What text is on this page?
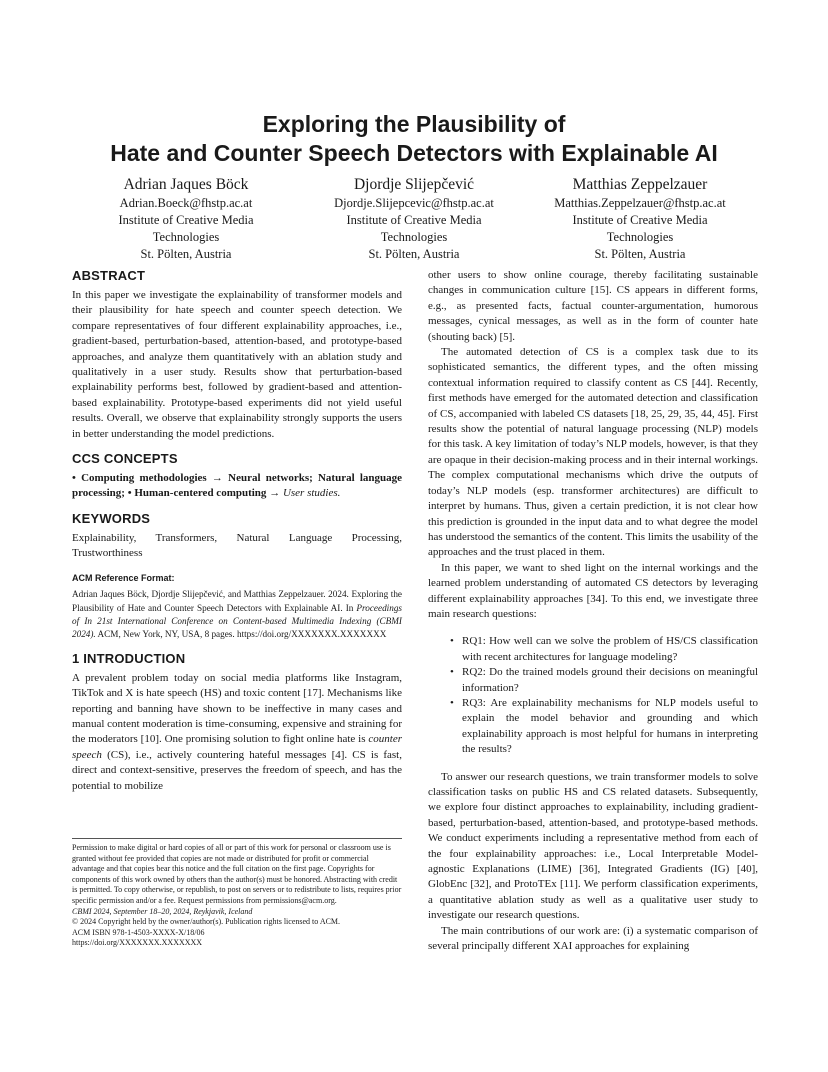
Exploring the Plausibility of
Hate and Counter Speech Detectors with Explainable AI
Adrian Jaques Böck
Adrian.Boeck@fhstp.ac.at
Institute of Creative Media
Technologies
St. Pölten, Austria
Djordje Slijepčević
Djordje.Slijepcevic@fhstp.ac.at
Institute of Creative Media
Technologies
St. Pölten, Austria
Matthias Zeppelzauer
Matthias.Zeppelzauer@fhstp.ac.at
Institute of Creative Media
Technologies
St. Pölten, Austria
ABSTRACT

In this paper we investigate the explainability of transformer models and their plausibility for hate speech and counter speech detection. We compare representatives of four different explainability approaches, i.e., gradient-based, perturbation-based, attention-based, and prototype-based approaches, and analyze them quantitatively with an ablation study and qualitatively in a user study. Results show that perturbation-based explainability performs best, followed by gradient-based and attention-based explainability. Prototype-based experiments did not yield useful results. Overall, we observe that explainability strongly supports the users in better understanding the model predictions.

CCS CONCEPTS

• Computing methodologies → Neural networks; Natural language processing; • Human-centered computing → User studies.

KEYWORDS

Explainability, Transformers, Natural Language Processing, Trustworthiness

ACM Reference Format:

Adrian Jaques Böck, Djordje Slijepčević, and Matthias Zeppelzauer. 2024. Exploring the Plausibility of Hate and Counter Speech Detectors with Explainable AI. In Proceedings of In 21st International Conference on Content-based Multimedia Indexing (CBMI 2024). ACM, New York, NY, USA, 8 pages. https://doi.org/XXXXXXX.XXXXXXX

1 INTRODUCTION

A prevalent problem today on social media platforms like Instagram, TikTok and X is hate speech (HS) and toxic content [17]. Mechanisms like reporting and banning have shown to be ineffective in many cases and manual content moderation is time-consuming, expensive and straining for the moderators [10]. One promising solution to fight online hate is counter speech (CS), i.e., actively countering hateful messages [4]. CS is fast, direct and context-sensitive, preserves the freedom of speech, and has the potential to mobilize

Permission to make digital or hard copies of all or part of this work for personal or classroom use is granted without fee provided that copies are not made or distributed for profit or commercial advantage and that copies bear this notice and the full citation on the first page. Copyrights for components of this work owned by others than the author(s) must be honored. Abstracting with credit is permitted. To copy otherwise, or republish, to post on servers or to redistribute to lists, requires prior specific permission and/or a fee. Request permissions from permissions@acm.org.

CBMI 2024, September 18–20, 2024, Reykjavik, Iceland

© 2024 Copyright held by the owner/author(s). Publication rights licensed to ACM.

ACM ISBN 978-1-4503-XXXX-X/18/06

https://doi.org/XXXXXXX.XXXXXXX

other users to show online courage, thereby facilitating sustainable changes in communication culture [15]. CS appears in different forms, e.g., as presented facts, factual counter-argumentation, humorous messages, cynical messages, as well as in the form of counter hate (shouting back) [5].

The automated detection of CS is a complex task due to its sophisticated semantics, the different types, and the often missing contextual information required to classify content as CS [44]. Recently, first methods have emerged for the automated detection and classification of CS, accompanied with labeled CS datasets [18, 25, 29, 35, 44, 45]. First results show the potential of natural language processing (NLP) models for this task. A key limitation of today’s NLP models, however, is that they are opaque in their decision-making process and in their internal workings. The complex computational mechanisms which drive the outputs of today’s NLP models (esp. transformer architectures) are difficult to interpret by humans. Thus, given a certain prediction, it is not clear how this prediction is grounded in the input data and to what degree the model has understood the semantics of the content. This limits the usability of the approaches and the trust placed in them.

In this paper, we want to shed light on the internal workings and the learned problem understanding of automated CS detectors by leveraging different explainability approaches [34]. To this end, we investigate three main research questions:

• RQ1: How well can we solve the problem of HS/CS classification with recent architectures for language modeling?
• RQ2: Do the trained models ground their decisions on meaningful information?
• RQ3: Are explainability mechanisms for NLP models useful to explain the model behavior and grounding and which explainability approach is most helpful for humans in interpreting the results?

To answer our research questions, we train transformer models to solve classification tasks on public HS and CS related datasets. Subsequently, we explore four distinct approaches to explainability, including gradient-based, perturbation-based, attention-based, and prototype-based methods. We conduct experiments including a representative method from each of the four explainability approaches: i.e., Local Interpretable Model-agnostic Explanations (LIME) [36], Integrated Gradients (IG) [40], GlobEnc [32], and ProtoTEx [11]. We perform classification experiments, a quantitative ablation study as well as a qualitative user study to investigate our research questions.

The main contributions of our work are: (i) a systematic comparison of several principally different XAI approaches for explaining
